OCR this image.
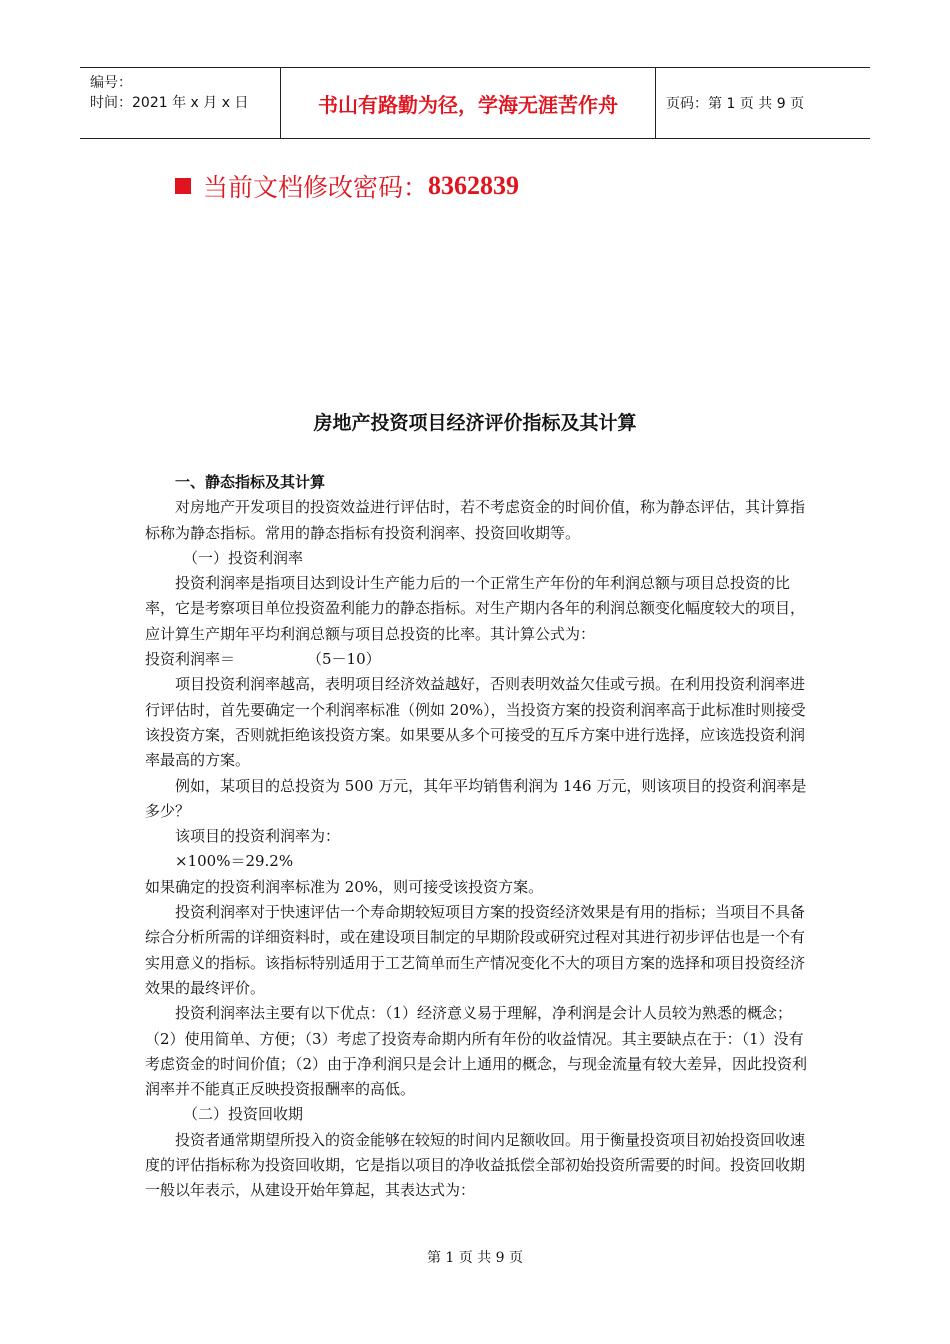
编号：
时间：2021 年 x 月 x 日	书山有路勤为径，学海无涯苦作舟	页码：第 1 页 共 9 页
当前文档修改密码： 8362839
房地产投资项目经济评价指标及其计算

一、静态指标及其计算

对房地产开发项目的投资效益进行评估时，若不考虑资金的时间价值，称为静态评估，其计算指标称为静态指标。常用的静态指标有投资利润率、投资回收期等。

（一）投资利润率

投资利润率是指项目达到设计生产能力后的一个正常生产年份的年利润总额与项目总投资的比率，它是考察项目单位投资盈利能力的静态指标。对生产期内各年的利润总额变化幅度较大的项目，应计算生产期年平均利润总额与项目总投资的比率。其计算公式为：

投资利润率＝	（5－10）

项目投资利润率越高，表明项目经济效益越好，否则表明效益欠佳或亏损。在利用投资利润率进行评估时，首先要确定一个利润率标准（例如 20%），当投资方案的投资利润率高于此标准时则接受该投资方案，否则就拒绝该投资方案。如果要从多个可接受的互斥方案中进行选择，应该选投资利润率最高的方案。

例如，某项目的总投资为 500 万元，其年平均销售利润为 146 万元，则该项目的投资利润率是多少？

该项目的投资利润率为：

×100%＝29.2%

如果确定的投资利润率标准为 20%，则可接受该投资方案。

投资利润率对于快速评估一个寿命期较短项目方案的投资经济效果是有用的指标；当项目不具备综合分析所需的详细资料时，或在建设项目制定的早期阶段或研究过程对其进行初步评估也是一个有实用意义的指标。该指标特别适用于工艺简单而生产情况变化不大的项目方案的选择和项目投资经济效果的最终评价。

投资利润率法主要有以下优点：（1）经济意义易于理解，净利润是会计人员较为熟悉的概念；（2）使用简单、方便；（3）考虑了投资寿命期内所有年份的收益情况。其主要缺点在于：（1）没有考虑资金的时间价值；（2）由于净利润只是会计上通用的概念，与现金流量有较大差异，因此投资利润率并不能真正反映投资报酬率的高低。

（二）投资回收期

投资者通常期望所投入的资金能够在较短的时间内足额收回。用于衡量投资项目初始投资回收速度的评估指标称为投资回收期，它是指以项目的净收益抵偿全部初始投资所需要的时间。投资回收期一般以年表示，从建设开始年算起，其表达式为：

第 1 页 共 9 页
